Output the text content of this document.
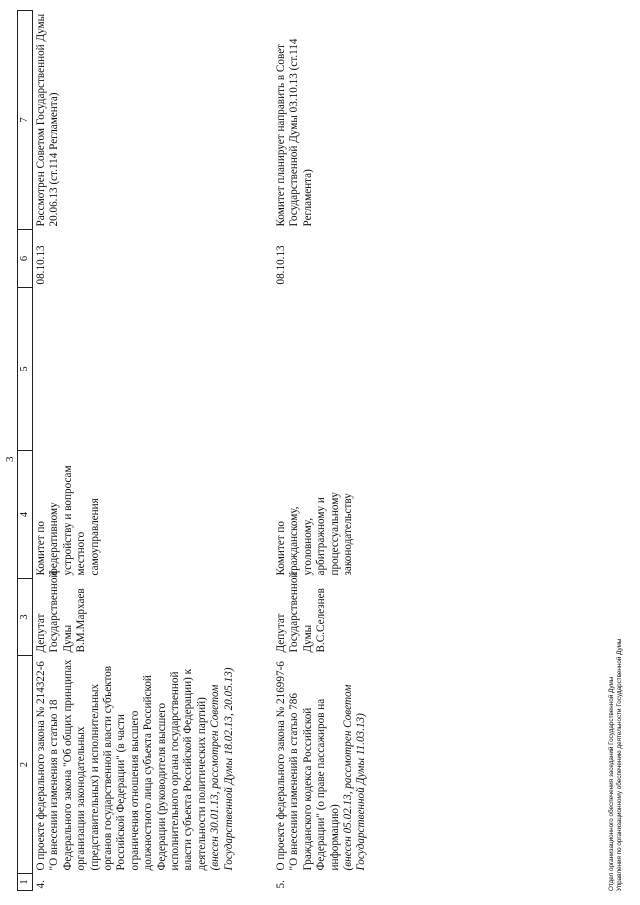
3
1	2	3	4	5	6	7
4.	О проекте федерального закона № 214322-6 "О внесении изменения в статью 18 Федерального закона "Об общих принципах организации законодательных (представительных) и исполнительных органов государственной власти субъектов Российской Федерации" (в части ограничения отношения высшего должностного лица субъекта Российской Федерации (руководителя высшего исполнительного органа государственной власти субъекта Российской Федерации) к деятельности политических партий) (внесен 30.01.13, рассмотрен Советом Государственной Думы 18.02.13, 20.05.13)	Депутат Государственной Думы В.М.Мархаев	Комитет по федеративному устройству и вопросам местного самоуправления		08.10.13	Рассмотрен Советом Государственной Думы 20.06.13 (ст.114 Регламента)
5.	О проекте федерального закона № 216997-6 "О внесении изменений в статью 786 Гражданского кодекса Российской Федерации" (о праве пассажиров на информацию) (внесен 05.02.13, рассмотрен Советом Государственной Думы 11.03.13)	Депутат Государственной Думы В.С.Селезнев	Комитет по гражданскому, уголовному, арбитражному и процессуальному законодательству		08.10.13	Комитет планирует направить в Совет Государственной Думы 03.10.13 (ст.114 Регламента)
Отдел организационного обеспечения заседаний Государственной Думы Управления по организационному обеспечению деятельности Государственной Думы
